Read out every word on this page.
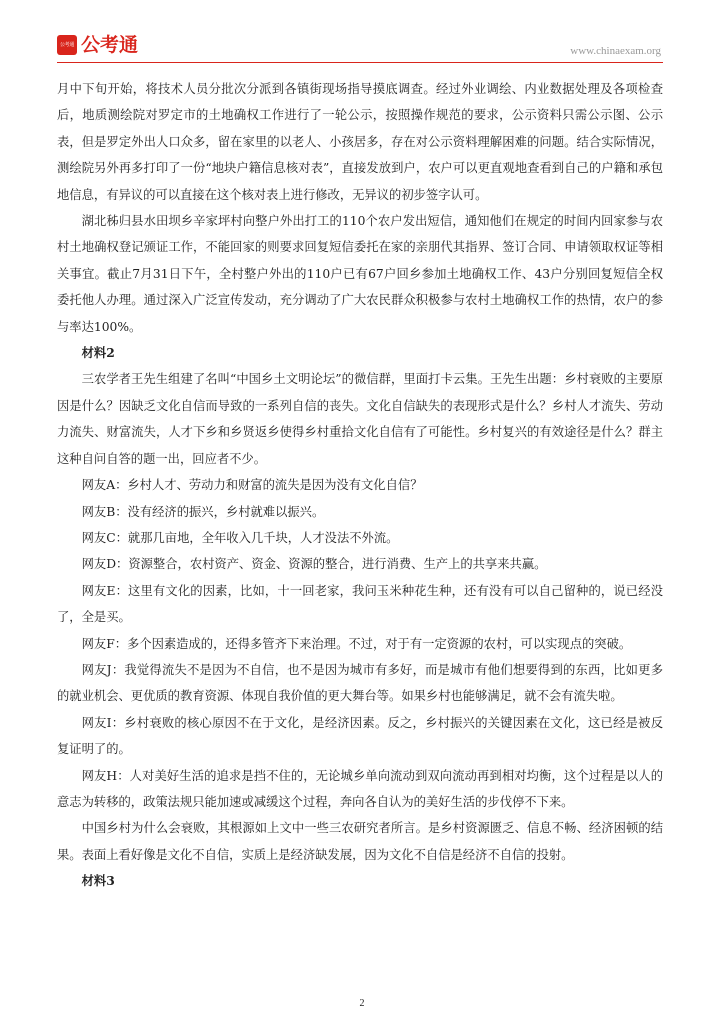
公考通 公考通	www.chinaexam.org

月中下旬开始，将技术人员分批次分派到各镇街现场指导摸底调查。经过外业调绘、内业数据处理及各项检查后，地质测绘院对罗定市的土地确权工作进行了一轮公示，按照操作规范的要求，公示资料只需公示图、公示表，但是罗定外出人口众多，留在家里的以老人、小孩居多，存在对公示资料理解困难的问题。结合实际情况，测绘院另外再多打印了一份“地块户籍信息核对表”，直接发放到户，农户可以更直观地查看到自己的户籍和承包地信息，有异议的可以直接在这个核对表上进行修改，无异议的初步签字认可。

湖北秭归县水田坝乡辛家坪村向整户外出打工的110个农户发出短信，通知他们在规定的时间内回家参与农村土地确权登记颁证工作，不能回家的则要求回复短信委托在家的亲朋代其指界、签订合同、申请领取权证等相关事宜。截止7月31日下午，全村整户外出的110户已有67户回乡参加土地确权工作、43户分别回复短信全权委托他人办理。通过深入广泛宣传发动，充分调动了广大农民群众积极参与农村土地确权工作的热情，农户的参与率达100%。

材料2

三农学者王先生组建了名叫“中国乡土文明论坛”的微信群，里面打卡云集。王先生出题：乡村衰败的主要原因是什么？因缺乏文化自信而导致的一系列自信的丧失。文化自信缺失的表现形式是什么？乡村人才流失、劳动力流失、财富流失，人才下乡和乡贤返乡使得乡村重拾文化自信有了可能性。乡村复兴的有效途径是什么？群主这种自问自答的题一出，回应者不少。

网友A：乡村人才、劳动力和财富的流失是因为没有文化自信？

网友B：没有经济的振兴，乡村就难以振兴。

网友C：就那几亩地，全年收入几千块，人才没法不外流。

网友D：资源整合，农村资产、资金、资源的整合，进行消费、生产上的共享来共赢。

网友E：这里有文化的因素，比如，十一回老家，我问玉米种花生种，还有没有可以自己留种的，说已经没了，全是买。

网友F：多个因素造成的，还得多管齐下来治理。不过，对于有一定资源的农村，可以实现点的突破。

网友J：我觉得流失不是因为不自信，也不是因为城市有多好，而是城市有他们想要得到的东西，比如更多的就业机会、更优质的教育资源、体现自我价值的更大舞台等。如果乡村也能够满足，就不会有流失啦。

网友I：乡村衰败的核心原因不在于文化，是经济因素。反之，乡村振兴的关键因素在文化，这已经是被反复证明了的。

网友H：人对美好生活的追求是挡不住的，无论城乡单向流动到双向流动再到相对均衡，这个过程是以人的意志为转移的，政策法规只能加速或减缓这个过程，奔向各自认为的美好生活的步伐停不下来。

中国乡村为什么会衰败，其根源如上文中一些三农研究者所言。是乡村资源匮乏、信息不畅、经济困顿的结果。表面上看好像是文化不自信，实质上是经济缺发展，因为文化不自信是经济不自信的投射。

材料3

2
